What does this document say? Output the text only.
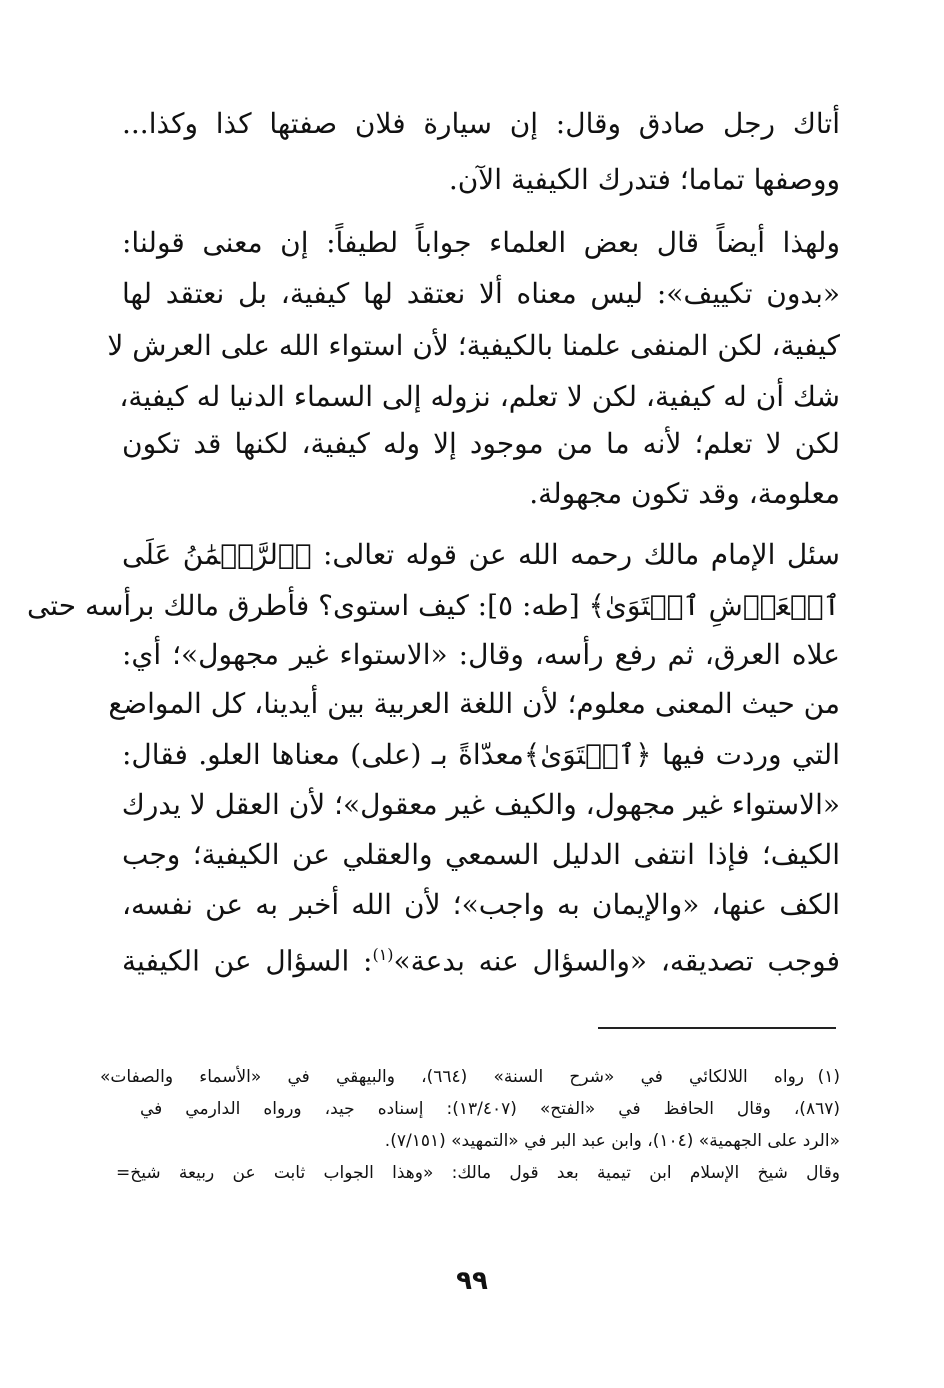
أتاك رجل صادق وقال: إن سيارة فلان صفتها كذا وكذا...
ووصفها تماما؛ فتدرك الكيفية الآن.
ولهذا أيضاً قال بعض العلماء جواباً لطيفاً: إن معنى قولنا:
«بدون تكييف»: ليس معناه ألا نعتقد لها كيفية، بل نعتقد لها
كيفية، لكن المنفى علمنا بالكيفية؛ لأن استواء الله على العرش لا
شك أن له كيفية، لكن لا تعلم، نزوله إلى السماء الدنيا له كيفية،
لكن لا تعلم؛ لأنه ما من موجود إلا وله كيفية، لكنها قد تكون
معلومة، وقد تكون مجهولة.
سئل الإمام مالك رحمه الله عن قوله تعالى: ﴿ٱلرَّحۡمَٰنُ عَلَى
ٱلۡعَرۡشِ ٱسۡتَوَىٰ﴾ [طه: ٥]: كيف استوى؟ فأطرق مالك برأسه حتى
علاه العرق، ثم رفع رأسه، وقال: «الاستواء غير مجهول»؛ أي:
من حيث المعنى معلوم؛ لأن اللغة العربية بين أيدينا، كل المواضع
التي وردت فيها ﴿ٱسۡتَوَىٰ﴾معدّاةً بـ (على) معناها العلو. فقال:
«الاستواء غير مجهول، والكيف غير معقول»؛ لأن العقل لا يدرك
الكيف؛ فإذا انتفى الدليل السمعي والعقلي عن الكيفية؛ وجب
الكف عنها، «والإيمان به واجب»؛ لأن الله أخبر به عن نفسه،
فوجب تصديقه، «والسؤال عنه بدعة»$^{(١)}$: السؤال عن الكيفية
(١)رواه اللالكائي في «شرح السنة» (٦٦٤)، والبيهقي في «الأسماء والصفات»
(٨٦٧)، وقال الحافظ في «الفتح» (١٣/٤٠٧): إسناده جيد، ورواه الدارمي في
«الرد على الجهمية» (١٠٤)، وابن عبد البر في «التمهيد» (٧/١٥١).
وقال شيخ الإسلام ابن تيمية بعد قول مالك: «وهذا الجواب ثابت عن ربيعة شيخ=
٩٩
